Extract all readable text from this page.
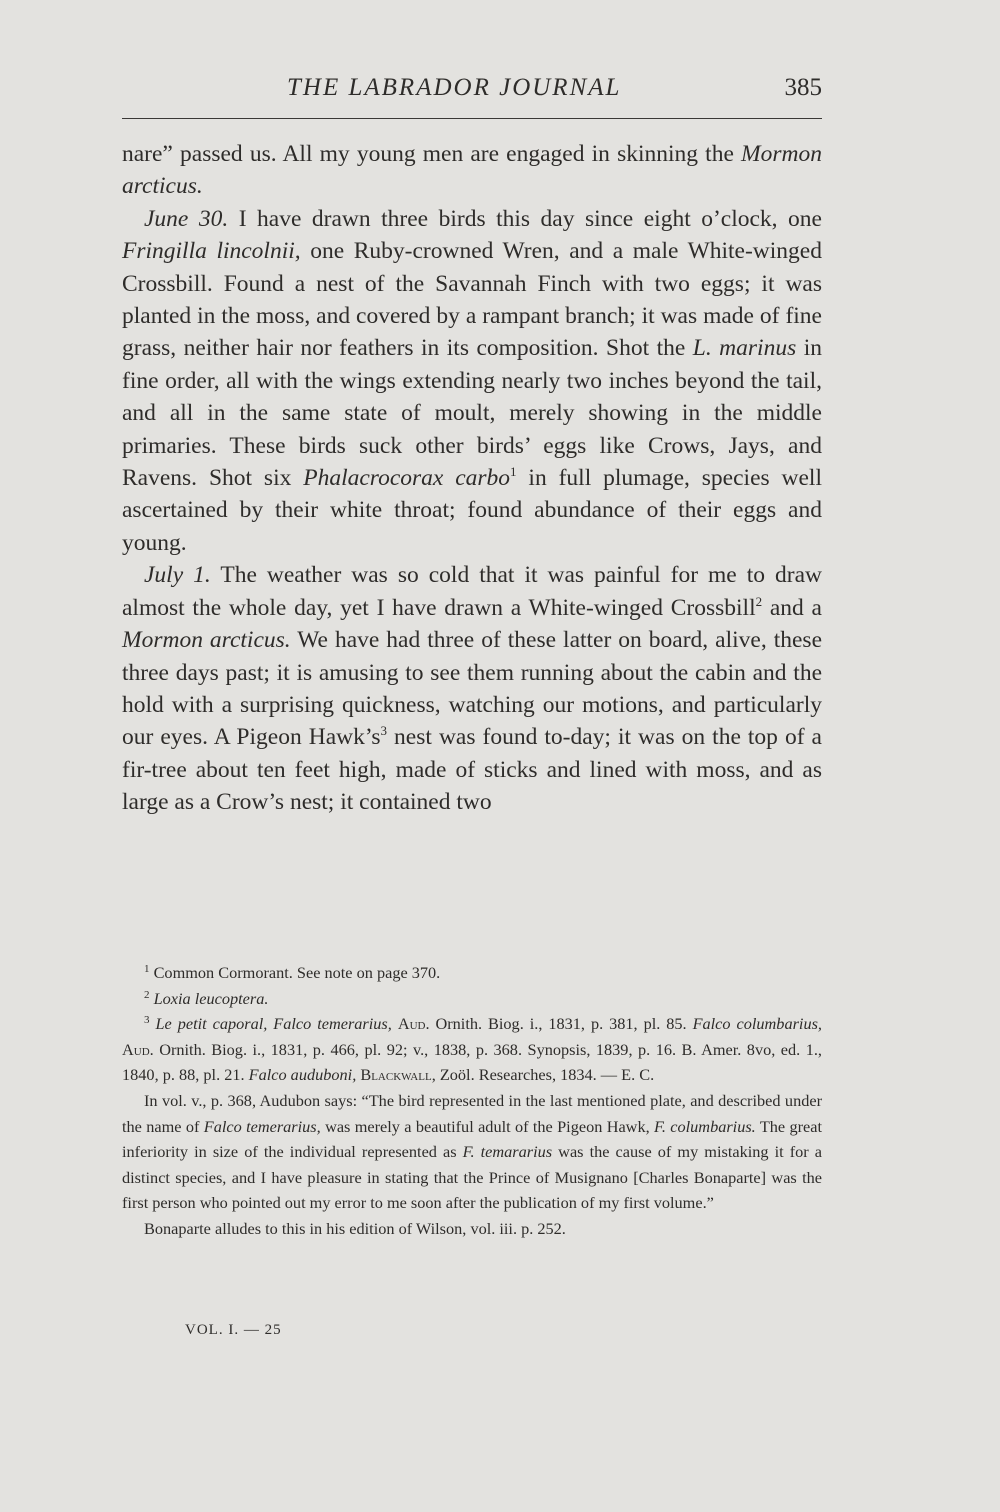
THE LABRADOR JOURNAL	385

nare” passed us. All my young men are engaged in skinning the Mormon arcticus.

June 30. I have drawn three birds this day since eight o’clock, one Fringilla lincolnii, one Ruby-crowned Wren, and a male White-winged Crossbill. Found a nest of the Savannah Finch with two eggs; it was planted in the moss, and covered by a rampant branch; it was made of fine grass, neither hair nor feathers in its composition. Shot the L. marinus in fine order, all with the wings extending nearly two inches beyond the tail, and all in the same state of moult, merely showing in the middle primaries. These birds suck other birds’ eggs like Crows, Jays, and Ravens. Shot six Phalacrocorax carbo$^1$ in full plumage, species well ascertained by their white throat; found abundance of their eggs and young.

July 1. The weather was so cold that it was painful for me to draw almost the whole day, yet I have drawn a White-winged Crossbill$^2$ and a Mormon arcticus. We have had three of these latter on board, alive, these three days past; it is amusing to see them running about the cabin and the hold with a surprising quickness, watching our motions, and particularly our eyes. A Pigeon $Hawk’s^3$ nest was found to-day; it was on the top of a fir-tree about ten feet high, made of sticks and lined with moss, and as large as a Crow’s nest; it contained two

$^1$ Common Cormorant. See note on page 370.

$^2$ Loxia leucoptera.

$^3$ Le petit caporal, Falco temerarius, Aud. Ornith. Biog. i., 1831, p. 381, pl. 85. Falco columbarius, Aud. Ornith. Biog. i., 1831, p. 466, pl. 92; v., 1838, p. 368. Synopsis, 1839, p. 16. B. Amer. 8vo, ed. 1., 1840, p. 88, pl. 21. Falco auduboni, Blackwall, Zoöl. Researches, 1834. — E. C.

In vol. v., p. 368, Audubon says: “The bird represented in the last mentioned plate, and described under the name of Falco temerarius, was merely a beautiful adult of the Pigeon Hawk, F. columbarius. The great inferiority in size of the individual represented as F. temararius was the cause of my mistaking it for a distinct species, and I have pleasure in stating that the Prince of Musignano [Charles Bonaparte] was the first person who pointed out my error to me soon after the publication of my first volume.”

Bonaparte alludes to this in his edition of Wilson, vol. iii. p. 252.

VOL. I. — 25
